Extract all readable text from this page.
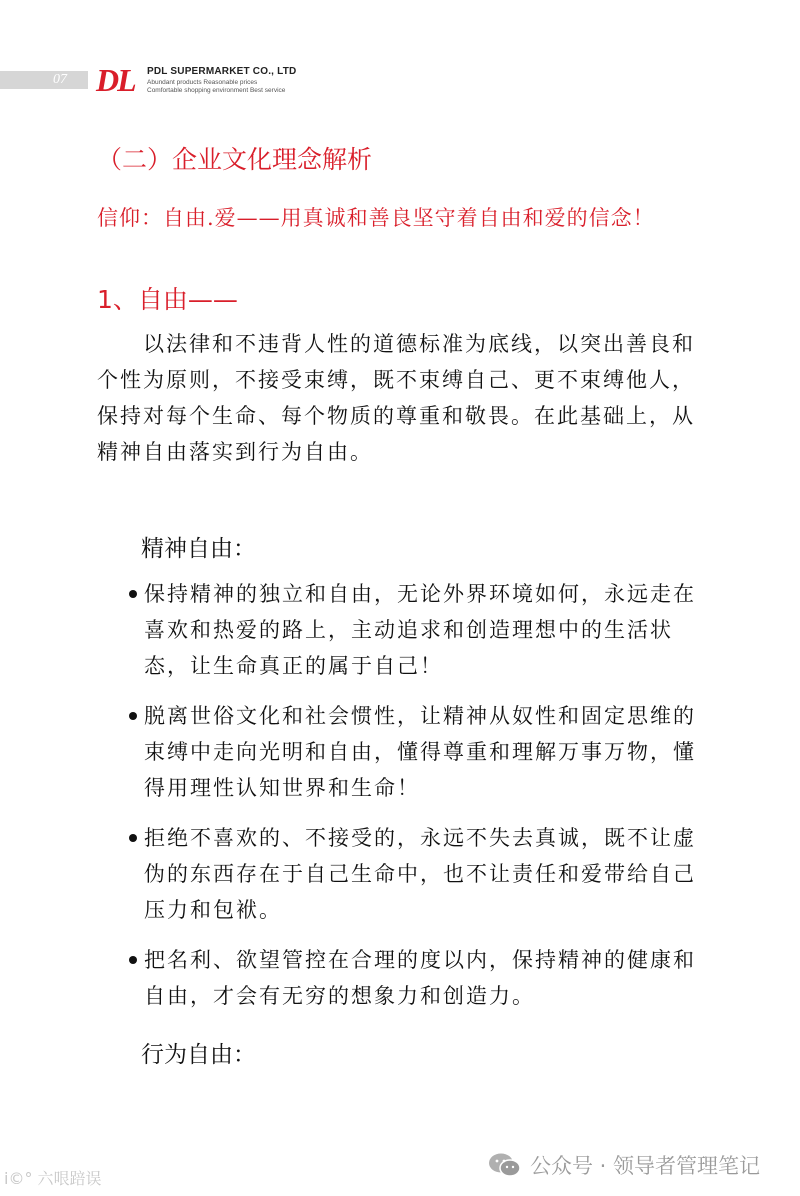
07 DL PDL SUPERMARKET CO., LTD
Abundant products Reasonable prices
Comfortable shopping environment Best service
（二）企业文化理念解析
信仰：自由.爱——用真诚和善良坚守着自由和爱的信念！
1、自由——

以法律和不违背人性的道德标准为底线，以突出善良和个性为原则，不接受束缚，既不束缚自己、更不束缚他人，保持对每个生命、每个物质的尊重和敬畏。在此基础上，从精神自由落实到行为自由。

精神自由：
保持精神的独立和自由，无论外界环境如何，永远走在喜欢和热爱的路上，主动追求和创造理想中的生活状态，让生命真正的属于自己！
脱离世俗文化和社会惯性，让精神从奴性和固定思维的束缚中走向光明和自由，懂得尊重和理解万事万物，懂得用理性认知世界和生命！
拒绝不喜欢的、不接受的，永远不失去真诚，既不让虚伪的东西存在于自己生命中，也不让责任和爱带给自己压力和包袱。
把名利、欲望管控在合理的度以内，保持精神的健康和自由，才会有无穷的想象力和创造力。
行为自由：
i©° 六哏踣误
公众号 · 领导者管理笔记
